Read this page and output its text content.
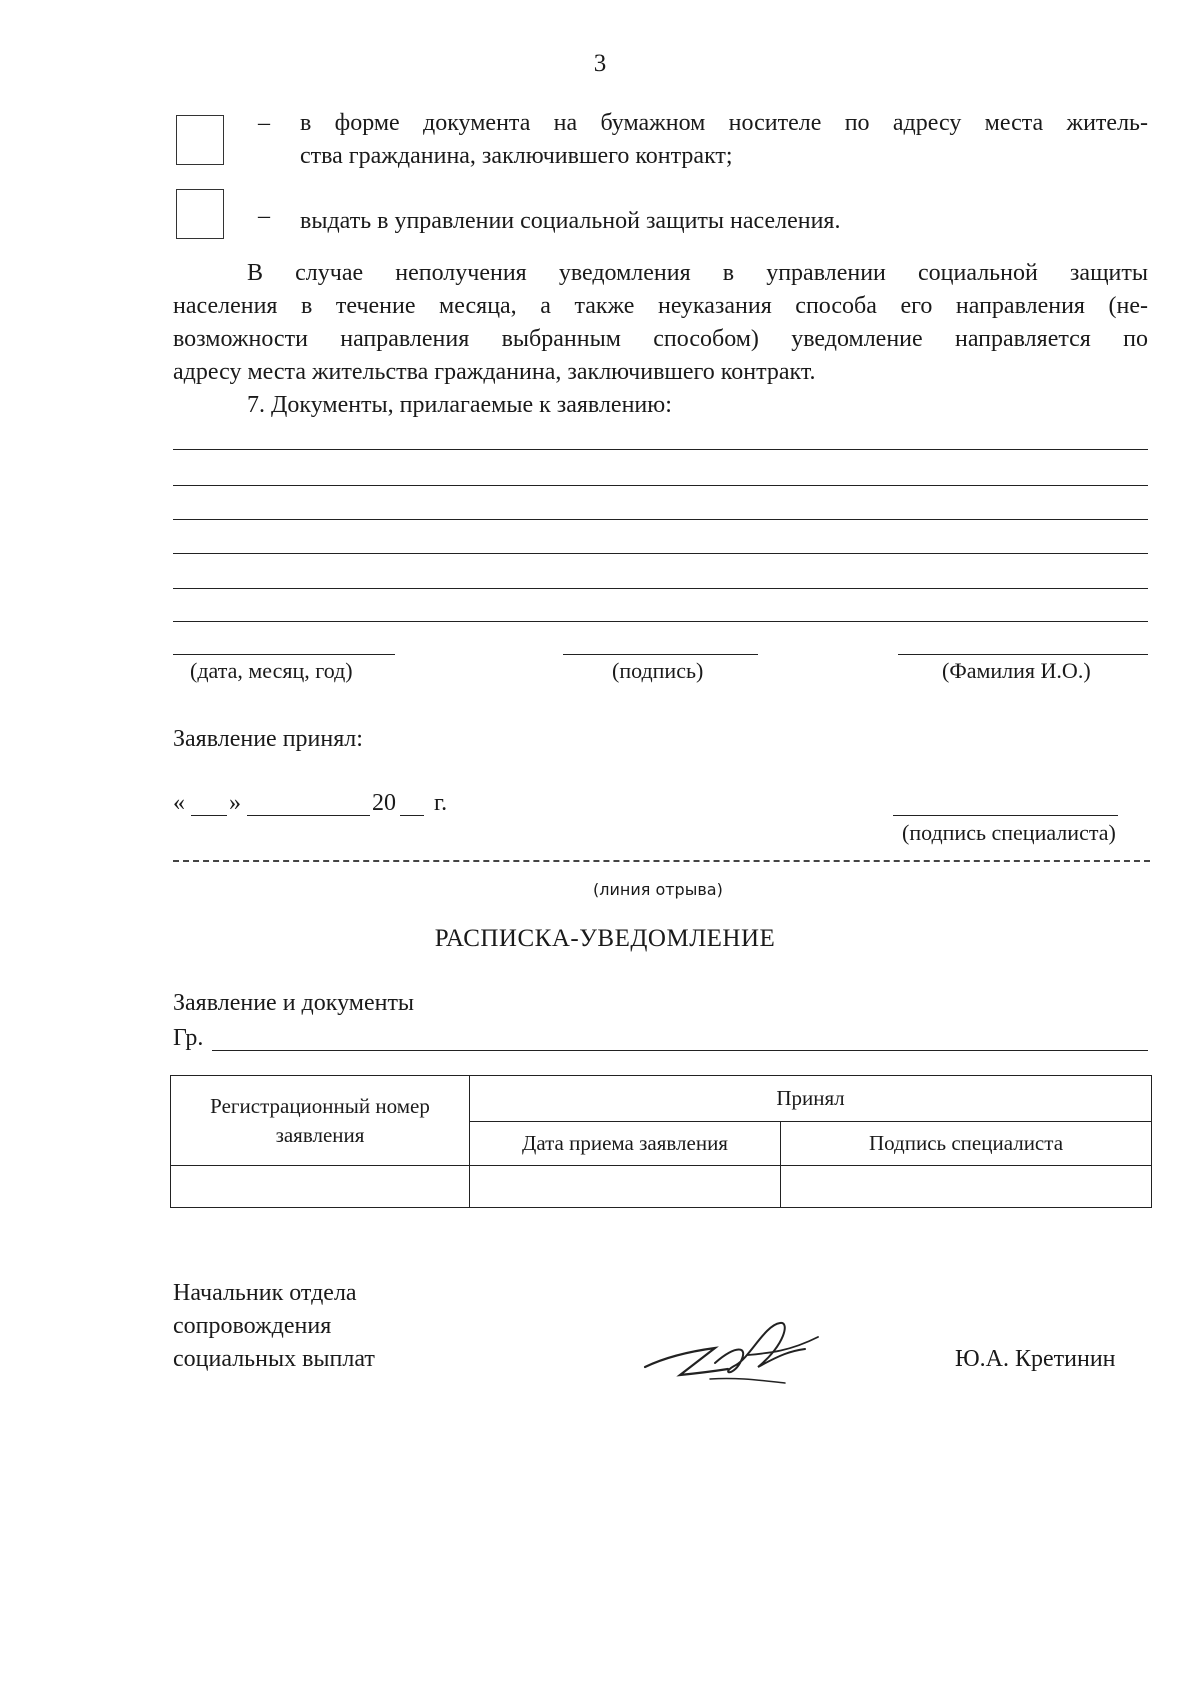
3
– в форме документа на бумажном носителе по адресу места житель-
ства гражданина, заключившего контракт;
– выдать в управлении социальной защиты населения.
В случае неполучения уведомления в управлении социальной защиты
населения в течение месяца, а также неуказания способа его направления (не-
возможности направления выбранным способом) уведомление направляется по
адресу места жительства гражданина, заключившего контракт.
7. Документы, прилагаемые к заявлению:
(дата, месяц, год)	(подпись)	(Фамилия И.О.)
Заявление принял:
« »	20 г.
(подпись специалиста)
(линия отрыва)
РАСПИСКА-УВЕДОМЛЕНИЕ
Заявление и документы
Гр.
Регистрационный номер
заявления	Принял	
	Дата приема заявления	Подпись специалиста

Начальник отдела
сопровождения
социальных выплат	Ю.А. Кретинин
